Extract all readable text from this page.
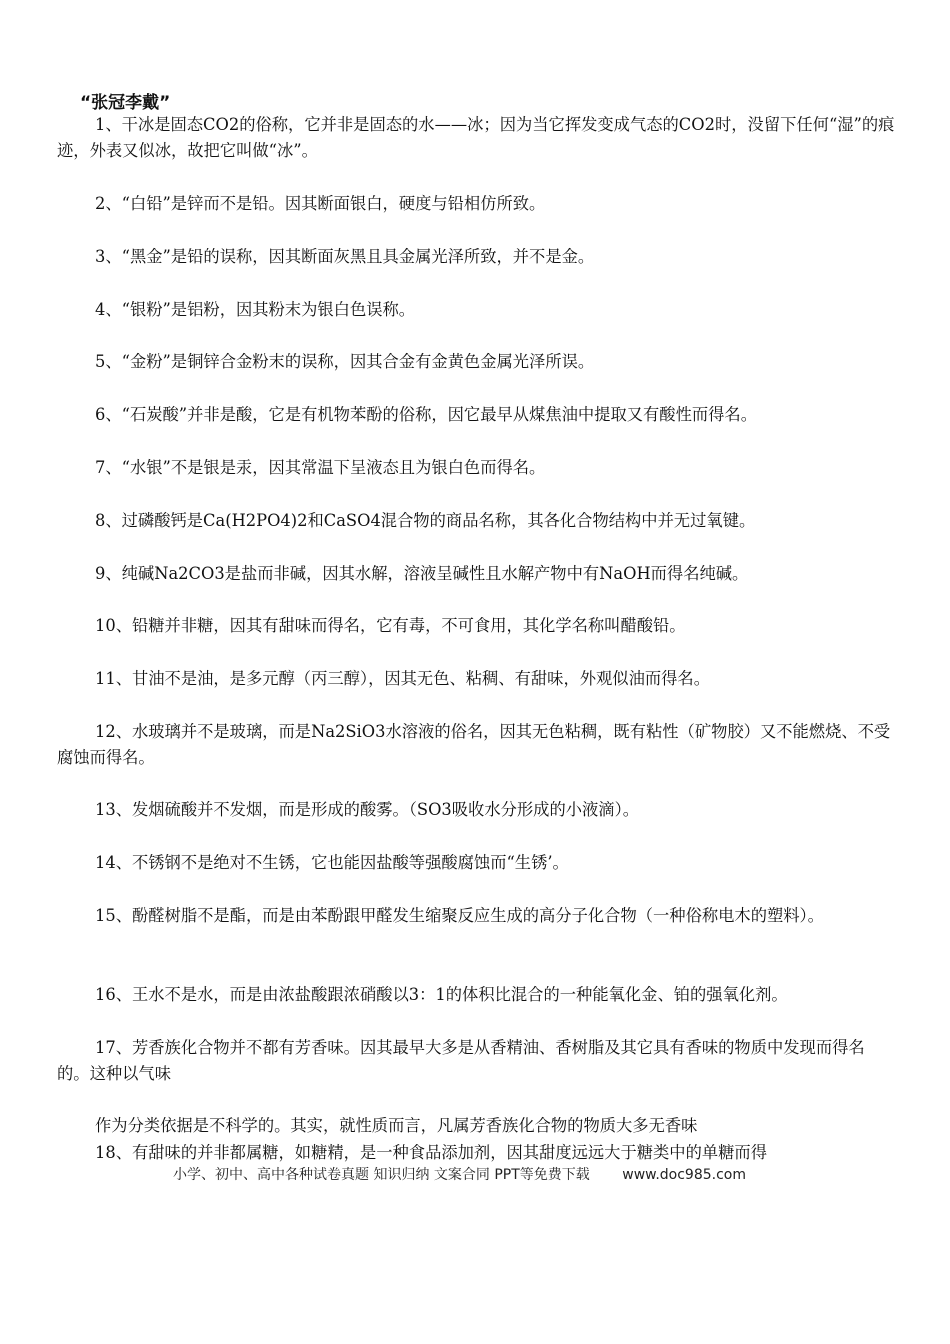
“张冠李戴”
1、干冰是固态CO2的俗称，它并非是固态的水——冰；因为当它挥发变成气态的CO2时，没留下任何“湿”的痕迹，外表又似冰，故把它叫做“冰”。
2、“白铅”是锌而不是铅。因其断面银白，硬度与铅相仿所致。
3、“黑金”是铅的误称，因其断面灰黑且具金属光泽所致，并不是金。
4、“银粉”是铝粉，因其粉末为银白色误称。
5、“金粉”是铜锌合金粉末的误称，因其合金有金黄色金属光泽所误。
6、“石炭酸”并非是酸，它是有机物苯酚的俗称，因它最早从煤焦油中提取又有酸性而得名。
7、“水银”不是银是汞，因其常温下呈液态且为银白色而得名。
8、过磷酸钙是Ca(H2PO4)2和CaSO4混合物的商品名称，其各化合物结构中并无过氧键。
9、纯碱Na2CO3是盐而非碱，因其水解，溶液呈碱性且水解产物中有NaOH而得名纯碱。
10、铅糖并非糖，因其有甜味而得名，它有毒，不可食用，其化学名称叫醋酸铅。
11、甘油不是油，是多元醇（丙三醇），因其无色、粘稠、有甜味，外观似油而得名。
12、水玻璃并不是玻璃，而是Na2SiO3水溶液的俗名，因其无色粘稠，既有粘性（矿物胶）又不能燃烧、不受腐蚀而得名。
13、发烟硫酸并不发烟，而是形成的酸雾。（SO3吸收水分形成的小液滴）。
14、不锈钢不是绝对不生锈，它也能因盐酸等强酸腐蚀而“生锈’。
15、酚醛树脂不是酯，而是由苯酚跟甲醛发生缩聚反应生成的高分子化合物（一种俗称电木的塑料）。
16、王水不是水，而是由浓盐酸跟浓硝酸以3：1的体积比混合的一种能氧化金、铂的强氧化剂。
17、芳香族化合物并不都有芳香味。因其最早大多是从香精油、香树脂及其它具有香味的物质中发现而得名的。这种以气味
作为分类依据是不科学的。其实，就性质而言，凡属芳香族化合物的物质大多无香味
18、有甜味的并非都属糖，如糖精，是一种食品添加剂，因其甜度远远大于糖类中的单糖而得
小学、初中、高中各种试卷真题 知识归纳 文案合同 PPT等免费下载 www.doc985.com
